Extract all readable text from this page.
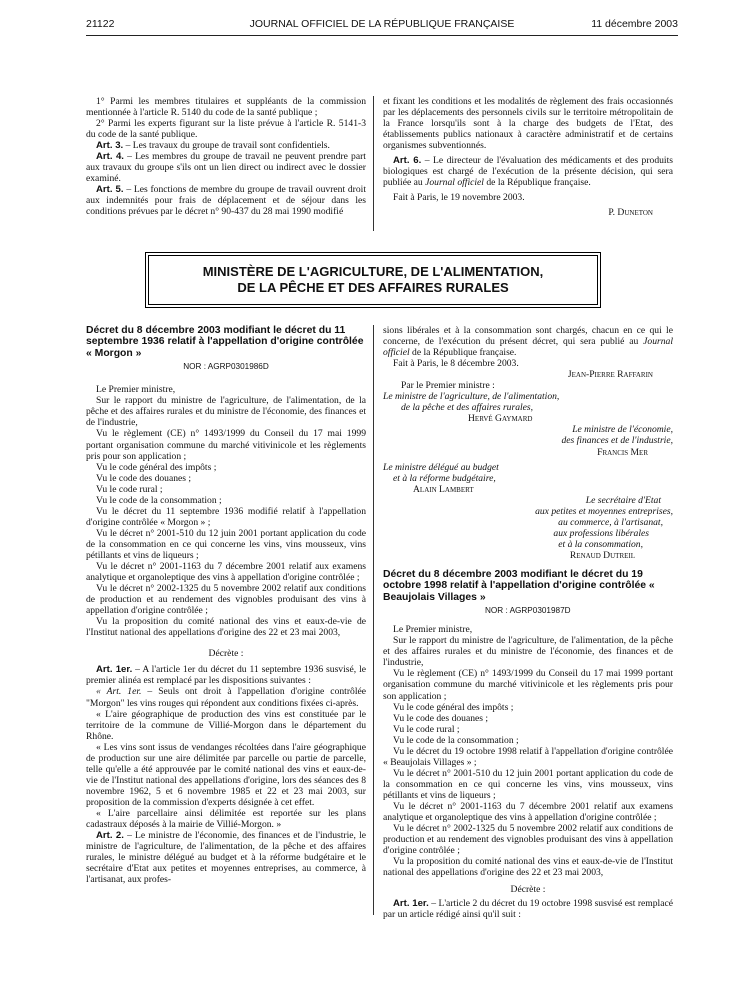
21122	JOURNAL OFFICIEL DE LA RÉPUBLIQUE FRANÇAISE	11 décembre 2003

1° Parmi les membres titulaires et suppléants de la commission mentionnée à l'article R. 5140 du code de la santé publique ;

2° Parmi les experts figurant sur la liste prévue à l'article R. 5141-3 du code de la santé publique.

Art. 3. – Les travaux du groupe de travail sont confidentiels.

Art. 4. – Les membres du groupe de travail ne peuvent prendre part aux travaux du groupe s'ils ont un lien direct ou indirect avec le dossier examiné.

Art. 5. – Les fonctions de membre du groupe de travail ouvrent droit aux indemnités pour frais de déplacement et de séjour dans les conditions prévues par le décret n° 90-437 du 28 mai 1990 modifié

et fixant les conditions et les modalités de règlement des frais occasionnés par les déplacements des personnels civils sur le territoire métropolitain de la France lorsqu'ils sont à la charge des budgets de l'Etat, des établissements publics nationaux à caractère administratif et de certains organismes subventionnés.

Art. 6. – Le directeur de l'évaluation des médicaments et des produits biologiques est chargé de l'exécution de la présente décision, qui sera publiée au Journal officiel de la République française.

Fait à Paris, le 19 novembre 2003.

P. Duneton

MINISTÈRE DE L'AGRICULTURE, DE L'ALIMENTATION,
DE LA PÊCHE ET DES AFFAIRES RURALES
Décret du 8 décembre 2003 modifiant le décret du 11 septembre 1936 relatif à l'appellation d'origine contrôlée « Morgon »
NOR : AGRP0301986D

Le Premier ministre,

Sur le rapport du ministre de l'agriculture, de l'alimentation, de la pêche et des affaires rurales et du ministre de l'économie, des finances et de l'industrie,

Vu le règlement (CE) n° 1493/1999 du Conseil du 17 mai 1999 portant organisation commune du marché vitivinicole et les règlements pris pour son application ;

Vu le code général des impôts ;

Vu le code des douanes ;

Vu le code rural ;

Vu le code de la consommation ;

Vu le décret du 11 septembre 1936 modifié relatif à l'appellation d'origine contrôlée « Morgon » ;

Vu le décret n° 2001-510 du 12 juin 2001 portant application du code de la consommation en ce qui concerne les vins, vins mousseux, vins pétillants et vins de liqueurs ;

Vu le décret n° 2001-1163 du 7 décembre 2001 relatif aux examens analytique et organoleptique des vins à appellation d'origine contrôlée ;

Vu le décret n° 2002-1325 du 5 novembre 2002 relatif aux conditions de production et au rendement des vignobles produisant des vins à appellation d'origine contrôlée ;

Vu la proposition du comité national des vins et eaux-de-vie de l'Institut national des appellations d'origine des 22 et 23 mai 2003,

Décrète :

Art. 1er. – A l'article 1er du décret du 11 septembre 1936 susvisé, le premier alinéa est remplacé par les dispositions suivantes :

« Art. 1er. – Seuls ont droit à l'appellation d'origine contrôlée "Morgon" les vins rouges qui répondent aux conditions fixées ci-après.

« L'aire géographique de production des vins est constituée par le territoire de la commune de Villié-Morgon dans le département du Rhône.

« Les vins sont issus de vendanges récoltées dans l'aire géographique de production sur une aire délimitée par parcelle ou partie de parcelle, telle qu'elle a été approuvée par le comité national des vins et eaux-de-vie de l'Institut national des appellations d'origine, lors des séances des 8 novembre 1962, 5 et 6 novembre 1985 et 22 et 23 mai 2003, sur proposition de la commission d'experts désignée à cet effet.

« L'aire parcellaire ainsi délimitée est reportée sur les plans cadastraux déposés à la mairie de Villié-Morgon. »

Art. 2. – Le ministre de l'économie, des finances et de l'industrie, le ministre de l'agriculture, de l'alimentation, de la pêche et des affaires rurales, le ministre délégué au budget et à la réforme budgétaire et le secrétaire d'Etat aux petites et moyennes entreprises, au commerce, à l'artisanat, aux profes-

sions libérales et à la consommation sont chargés, chacun en ce qui le concerne, de l'exécution du présent décret, qui sera publié au Journal officiel de la République française.

Fait à Paris, le 8 décembre 2003.

Jean-Pierre Raffarin

Par le Premier ministre :

Le ministre de l'agriculture, de l'alimentation,

de la pêche et des affaires rurales,

Hervé Gaymard

Le ministre de l'économie,

des finances et de l'industrie,

Francis Mer

Le ministre délégué au budget

et à la réforme budgétaire,

Alain Lambert

Le secrétaire d'Etat

aux petites et moyennes entreprises,

au commerce, à l'artisanat,

aux professions libérales

et à la consommation,

Renaud Dutreil

Décret du 8 décembre 2003 modifiant le décret du 19 octobre 1998 relatif à l'appellation d'origine contrôlée « Beaujolais Villages »
NOR : AGRP0301987D

Le Premier ministre,

Sur le rapport du ministre de l'agriculture, de l'alimentation, de la pêche et des affaires rurales et du ministre de l'économie, des finances et de l'industrie,

Vu le règlement (CE) n° 1493/1999 du Conseil du 17 mai 1999 portant organisation commune du marché vitivinicole et les règlements pris pour son application ;

Vu le code général des impôts ;

Vu le code des douanes ;

Vu le code rural ;

Vu le code de la consommation ;

Vu le décret du 19 octobre 1998 relatif à l'appellation d'origine contrôlée « Beaujolais Villages » ;

Vu le décret n° 2001-510 du 12 juin 2001 portant application du code de la consommation en ce qui concerne les vins, vins mousseux, vins pétillants et vins de liqueurs ;

Vu le décret n° 2001-1163 du 7 décembre 2001 relatif aux examens analytique et organoleptique des vins à appellation d'origine contrôlée ;

Vu le décret n° 2002-1325 du 5 novembre 2002 relatif aux conditions de production et au rendement des vignobles produisant des vins à appellation d'origine contrôlée ;

Vu la proposition du comité national des vins et eaux-de-vie de l'Institut national des appellations d'origine des 22 et 23 mai 2003,

Décrète :

Art. 1er. – L'article 2 du décret du 19 octobre 1998 susvisé est remplacé par un article rédigé ainsi qu'il suit :
